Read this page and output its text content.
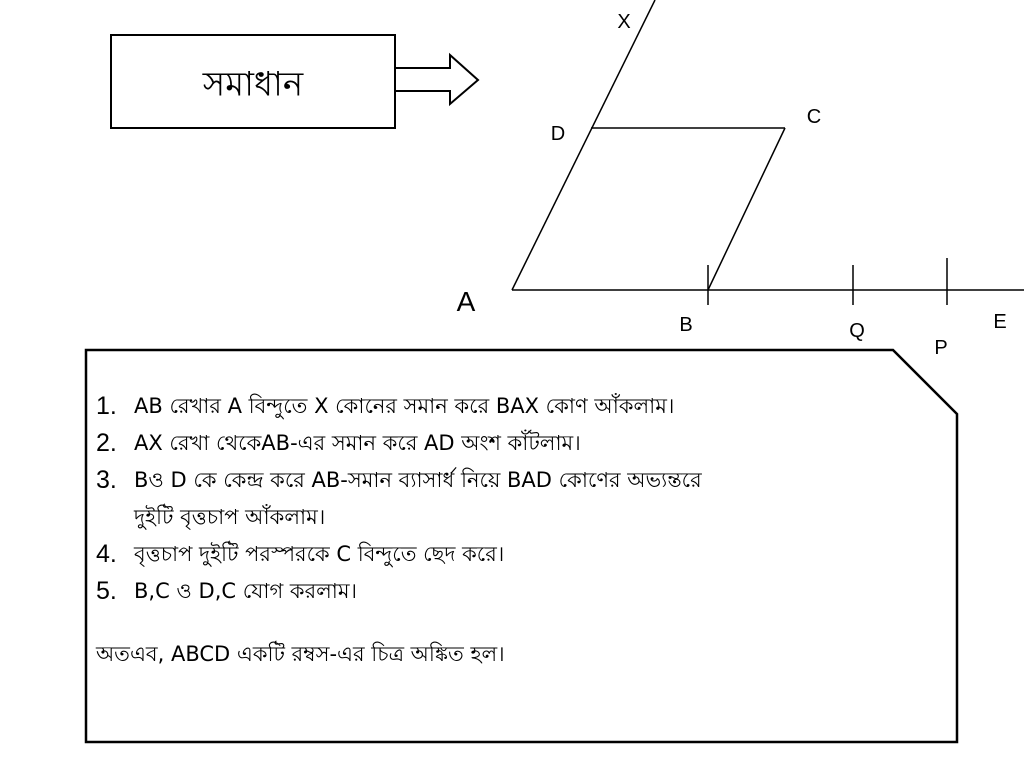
সমাধান
X
D
C
A
B	Q
P
E
1. AB রেখার A বিন্দুতে X কোনের সমান করে BAX কোণ আঁকলাম।
2. AX রেখা থেকেAB-এর সমান করে AD অংশ কাঁটলাম।
3. Bও D কে কেন্দ্র করে AB-সমান ব্যাসার্ধ নিয়ে BAD কোণের অভ্যন্তরে
দুইটি বৃত্তচাপ আঁকলাম।
4. বৃত্তচাপ দুইটি পরস্পরকে C বিন্দুতে ছেদ করে।
5. B,C ও D,C যোগ করলাম।
অতএব, ABCD একটি রম্বস-এর চিত্র অঙ্কিত হল।
